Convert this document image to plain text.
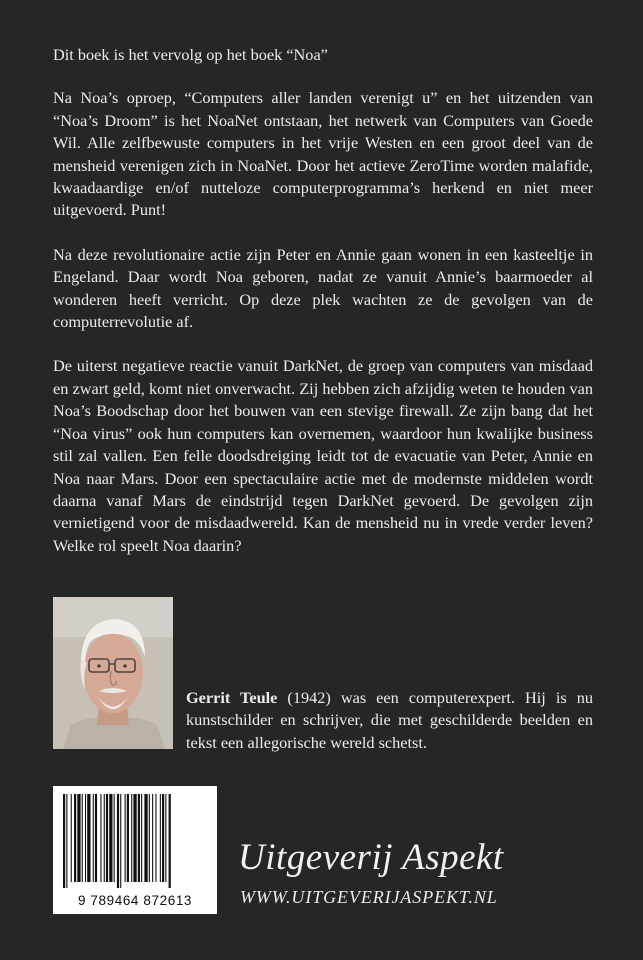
Dit boek is het vervolg op het boek “Noa”

Na Noa’s oproep, “Computers aller landen verenigt u” en het uitzenden van “Noa’s Droom” is het NoaNet ontstaan, het netwerk van Computers van Goede Wil. Alle zelfbewuste computers in het vrije Westen en een groot deel van de mensheid verenigen zich in NoaNet. Door het actieve ZeroTime worden malafide, kwaadaardige en/of nutteloze computerprogramma’s herkend en niet meer uitgevoerd. Punt!

Na deze revolutionaire actie zijn Peter en Annie gaan wonen in een kasteeltje in Engeland. Daar wordt Noa geboren, nadat ze vanuit Annie’s baarmoeder al wonderen heeft verricht. Op deze plek wachten ze de gevolgen van de computerrevolutie af.

De uiterst negatieve reactie vanuit DarkNet, de groep van computers van misdaad en zwart geld, komt niet onverwacht. Zij hebben zich afzijdig weten te houden van Noa’s Boodschap door het bouwen van een stevige firewall. Ze zijn bang dat het “Noa virus” ook hun computers kan overnemen, waardoor hun kwalijke business stil zal vallen. Een felle doodsdreiging leidt tot de evacuatie van Peter, Annie en Noa naar Mars. Door een spectaculaire actie met de modernste middelen wordt daarna vanaf Mars de eindstrijd tegen DarkNet gevoerd. De gevolgen zijn vernietigend voor de misdaadwereld. Kan de mensheid nu in vrede verder leven? Welke rol speelt Noa daarin?

Gerrit Teule (1942) was een computerexpert. Hij is nu kunstschilder en schrijver, die met geschilderde beelden en tekst een allegorische wereld schetst.
9 789464 872613
Uitgeverij Aspekt
WWW.UITGEVERIJASPEKT.NL
